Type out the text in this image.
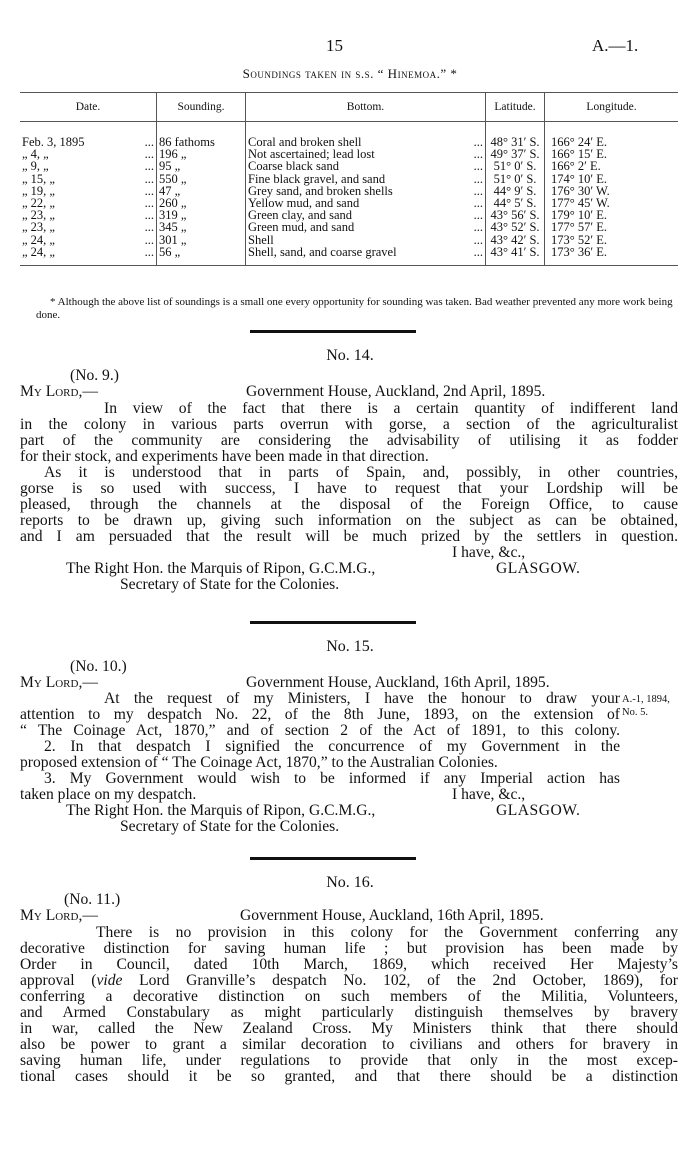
15	A.—1.
Soundings taken in s.s. “ Hinemoa.” *
Date.	Sounding.	Bottom.	Latitude.	Longitude.

Feb. 3, 1895 ...	86 fathoms	Coral and broken shell ...	48° 31′ S.	166° 24′ E.
„ 4, „ ...	196 „	Not ascertained; lead lost ...	49° 37′ S.	166° 15′ E.
„ 9, „ ...	95 „	Coarse black sand ...	51° 0′ S.	166° 2′ E.
„ 15, „ ...	550 „	Fine black gravel, and sand ...	51° 0′ S.	174° 10′ E.
„ 19, „ ...	47 „	Grey sand, and broken shells ...	44° 9′ S.	176° 30′ W.
„ 22, „ ...	260 „	Yellow mud, and sand ...	44° 5′ S.	177° 45′ W.
„ 23, „ ...	319 „	Green clay, and sand ...	43° 56′ S.	179° 10′ E.
„ 23, „ ...	345 „	Green mud, and sand ...	43° 52′ S.	177° 57′ E.
„ 24, „ ...	301 „	Shell ...	43° 42′ S.	173° 52′ E.
„ 24, „ ...	56 „	Shell, sand, and coarse gravel ...	43° 41′ S.	173° 36′ E.
* Although the above list of soundings is a small one every opportunity for sounding was taken. Bad weather prevented any more work being done.
No. 14.
(No. 9.)
My Lord,—	Government House, Auckland, 2nd April, 1895.
In view of the fact that there is a certain quantity of indifferent land
in the colony in various parts overrun with gorse, a section of the agriculturalist
part of the community are considering the advisability of utilising it as fodder
for their stock, and experiments have been made in that direction.
As it is understood that in parts of Spain, and, possibly, in other countries,
gorse is so used with success, I have to request that your Lordship will be
pleased, through the channels at the disposal of the Foreign Office, to cause
reports to be drawn up, giving such information on the subject as can be obtained,
and I am persuaded that the result will be much prized by the settlers in question.
I have, &c.,
The Right Hon. the Marquis of Ripon, G.C.M.G.,	GLASGOW.
Secretary of State for the Colonies.
No. 15.
(No. 10.)
My Lord,—	Government House, Auckland, 16th April, 1895.
At the request of my Ministers, I have the honour to draw your A.-1, 1894,
attention to my despatch No. 22, of the 8th June, 1893, on the extension of No. 5.
“ The Coinage Act, 1870,” and of section 2 of the Act of 1891, to this colony.
2. In that despatch I signified the concurrence of my Government in the
proposed extension of “ The Coinage Act, 1870,” to the Australian Colonies.
3. My Government would wish to be informed if any Imperial action has
taken place on my despatch.	I have, &c.,
The Right Hon. the Marquis of Ripon, G.C.M.G.,	GLASGOW.
Secretary of State for the Colonies.
No. 16.
(No. 11.)
My Lord,—	Government House, Auckland, 16th April, 1895.
There is no provision in this colony for the Government conferring any
decorative distinction for saving human life ; but provision has been made by
Order in Council, dated 10th March, 1869, which received Her Majesty’s
approval (vide Lord Granville’s despatch No. 102, of the 2nd October, 1869), for
conferring a decorative distinction on such members of the Militia, Volunteers,
and Armed Constabulary as might particularly distinguish themselves by bravery
in war, called the New Zealand Cross. My Ministers think that there should
also be power to grant a similar decoration to civilians and others for bravery in
saving human life, under regulations to provide that only in the most excep-
tional cases should it be so granted, and that there should be a distinction
